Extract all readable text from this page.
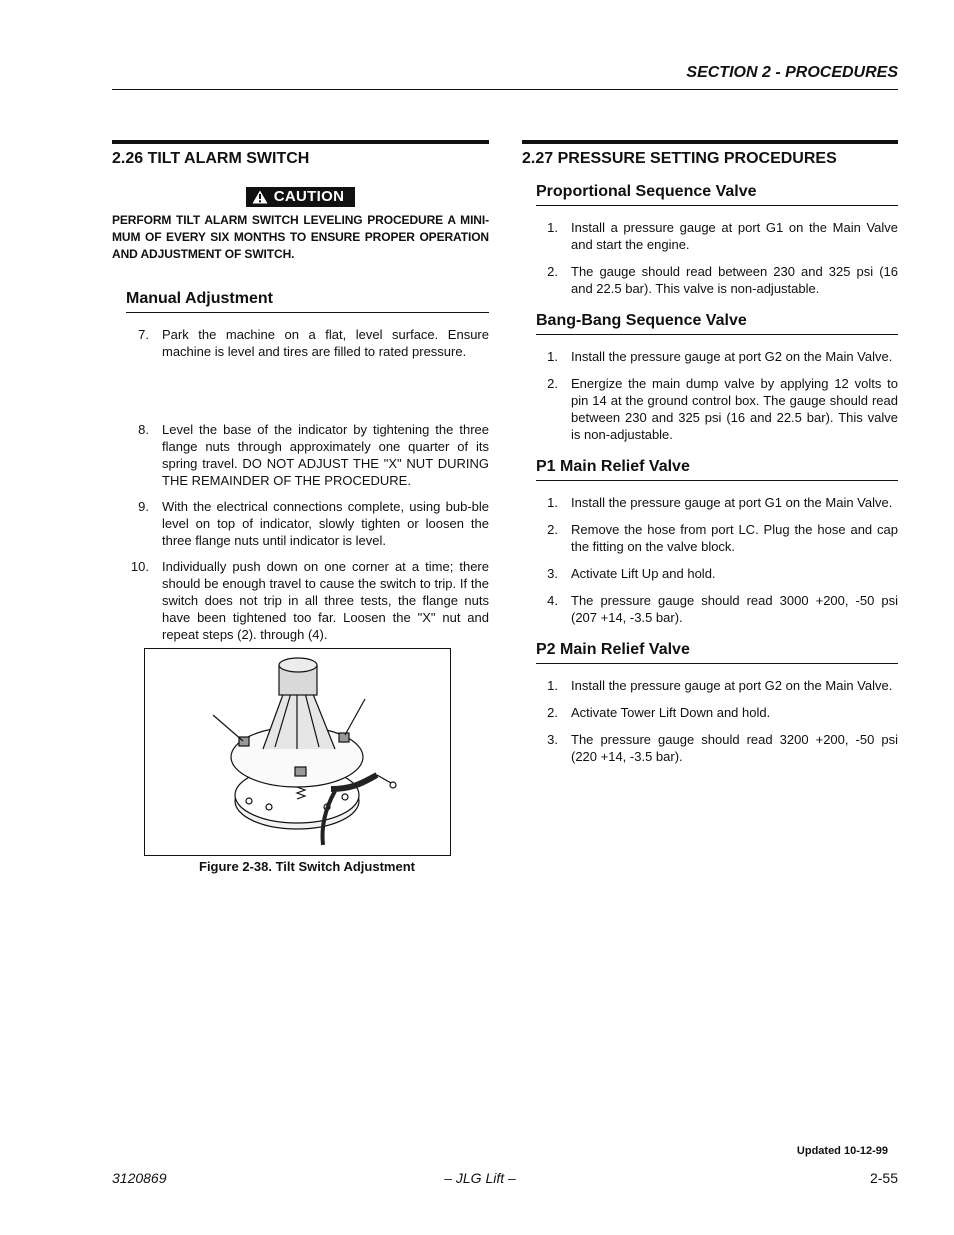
SECTION 2 - PROCEDURES
2.26 TILT ALARM SWITCH
CAUTION
PERFORM TILT ALARM SWITCH LEVELING PROCEDURE A MINI-MUM OF EVERY SIX MONTHS TO ENSURE PROPER OPERATION AND ADJUSTMENT OF SWITCH.
Manual Adjustment
7. Park the machine on a flat, level surface. Ensure machine is level and tires are filled to rated pressure.
8. Level the base of the indicator by tightening the three flange nuts through approximately one quarter of its spring travel. DO NOT ADJUST THE "X" NUT DURING THE REMAINDER OF THE PROCEDURE.
9. With the electrical connections complete, using bub-ble level on top of indicator, slowly tighten or loosen the three flange nuts until indicator is level.
10. Individually push down on one corner at a time; there should be enough travel to cause the switch to trip. If the switch does not trip in all three tests, the flange nuts have been tightened too far. Loosen the "X" nut and repeat steps (2). through (4).
Figure 2-38. Tilt Switch Adjustment
2.27 PRESSURE SETTING PROCEDURES
Proportional Sequence Valve
1. Install a pressure gauge at port G1 on the Main Valve and start the engine.
2. The gauge should read between 230 and 325 psi (16 and 22.5 bar). This valve is non-adjustable.
Bang-Bang Sequence Valve
1. Install the pressure gauge at port G2 on the Main Valve.
2. Energize the main dump valve by applying 12 volts to pin 14 at the ground control box. The gauge should read between 230 and 325 psi (16 and 22.5 bar). This valve is non-adjustable.
P1 Main Relief Valve
1. Install the pressure gauge at port G1 on the Main Valve.
2. Remove the hose from port LC. Plug the hose and cap the fitting on the valve block.
3. Activate Lift Up and hold.
4. The pressure gauge should read 3000 +200, -50 psi (207 +14, -3.5 bar).
P2 Main Relief Valve
1. Install the pressure gauge at port G2 on the Main Valve.
2. Activate Tower Lift Down and hold.
3. The pressure gauge should read 3200 +200, -50 psi (220 +14, -3.5 bar).
Updated 10-12-99
3120869	– JLG Lift –	2-55
